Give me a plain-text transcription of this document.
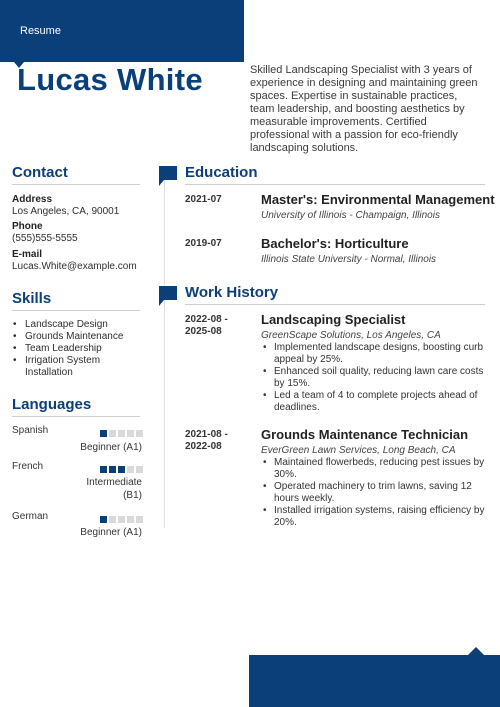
Resume
Lucas White	Skilled Landscaping Specialist with 3 years of experience in designing and maintaining green spaces. Expertise in sustainable practices, team leadership, and boosting aesthetics by measurable improvements. Certified professional with a passion for eco-friendly landscaping solutions.
Contact
Address
Los Angeles, CA, 90001
Phone
(555)555-5555
E-mail
Lucas.White@example.com
Skills
• Landscape Design
• Grounds Maintenance
• Team Leadership
• Irrigation System Installation
Languages
Spanish
Beginner (A1)
French
Intermediate (B1)
German
Beginner (A1)
Education
2021-07	Master's: Environmental Management
University of Illinois - Champaign, Illinois
2019-07	Bachelor's: Horticulture
Illinois State University - Normal, Illinois
Work History
2022-08 -
2025-08
Landscaping Specialist
GreenScape Solutions, Los Angeles, CA
• Implemented landscape designs, boosting curb appeal by 25%.
• Enhanced soil quality, reducing lawn care costs by 15%.
• Led a team of 4 to complete projects ahead of deadlines.
2021-08 -
2022-08
Grounds Maintenance Technician
EverGreen Lawn Services, Long Beach, CA
• Maintained flowerbeds, reducing pest issues by 30%.
• Operated machinery to trim lawns, saving 12 hours weekly.
• Installed irrigation systems, raising efficiency by 20%.
